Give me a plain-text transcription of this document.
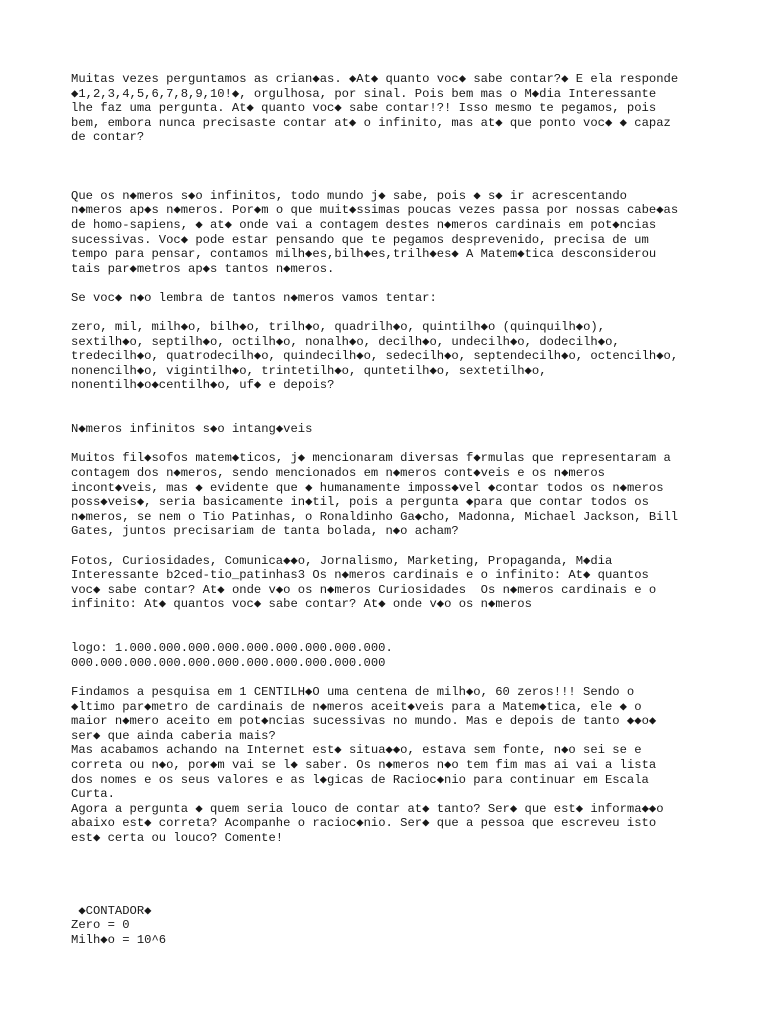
Muitas vezes perguntamos as crian◆as. ◆At◆ quanto voc◆ sabe contar?◆ E ela responde
◆1,2,3,4,5,6,7,8,9,10!◆, orgulhosa, por sinal. Pois bem mas o M◆dia Interessante
lhe faz uma pergunta. At◆ quanto voc◆ sabe contar!?! Isso mesmo te pegamos, pois
bem, embora nunca precisaste contar at◆ o infinito, mas at◆ que ponto voc◆ ◆ capaz
de contar?
Que os n◆meros s◆o infinitos, todo mundo j◆ sabe, pois ◆ s◆ ir acrescentando
n◆meros ap◆s n◆meros. Por◆m o que muit◆ssimas poucas vezes passa por nossas cabe◆as
de homo-sapiens, ◆ at◆ onde vai a contagem destes n◆meros cardinais em pot◆ncias
sucessivas. Voc◆ pode estar pensando que te pegamos desprevenido, precisa de um
tempo para pensar, contamos milh◆es,bilh◆es,trilh◆es◆ A Matem◆tica desconsiderou
tais par◆metros ap◆s tantos n◆meros.
Se voc◆ n◆o lembra de tantos n◆meros vamos tentar:
zero, mil, milh◆o, bilh◆o, trilh◆o, quadrilh◆o, quintilh◆o (quinquilh◆o),
sextilh◆o, septilh◆o, octilh◆o, nonalh◆o, decilh◆o, undecilh◆o, dodecilh◆o,
tredecilh◆o, quatrodecilh◆o, quindecilh◆o, sedecilh◆o, septendecilh◆o, octencilh◆o,
nonencilh◆o, vigintilh◆o, trintetilh◆o, quntetilh◆o, sextetilh◆o,
nonentilh◆o◆centilh◆o, uf◆ e depois?
N◆meros infinitos s◆o intang◆veis
Muitos fil◆sofos matem◆ticos, j◆ mencionaram diversas f◆rmulas que representaram a
contagem dos n◆meros, sendo mencionados em n◆meros cont◆veis e os n◆meros
incont◆veis, mas ◆ evidente que ◆ humanamente imposs◆vel ◆contar todos os n◆meros
poss◆veis◆, seria basicamente in◆til, pois a pergunta ◆para que contar todos os
n◆meros, se nem o Tio Patinhas, o Ronaldinho Ga◆cho, Madonna, Michael Jackson, Bill
Gates, juntos precisariam de tanta bolada, n◆o acham?
Fotos, Curiosidades, Comunica◆◆o, Jornalismo, Marketing, Propaganda, M◆dia
Interessante b2ced-tio_patinhas3 Os n◆meros cardinais e o infinito: At◆ quantos
voc◆ sabe contar? At◆ onde v◆o os n◆meros Curiosidades  Os n◆meros cardinais e o
infinito: At◆ quantos voc◆ sabe contar? At◆ onde v◆o os n◆meros
logo: 1.000.000.000.000.000.000.000.000.000.
000.000.000.000.000.000.000.000.000.000.000
Findamos a pesquisa em 1 CENTILH◆O uma centena de milh◆o, 60 zeros!!! Sendo o
◆ltimo par◆metro de cardinais de n◆meros aceit◆veis para a Matem◆tica, ele ◆ o
maior n◆mero aceito em pot◆ncias sucessivas no mundo. Mas e depois de tanto ◆◆o◆
ser◆ que ainda caberia mais?
Mas acabamos achando na Internet est◆ situa◆◆o, estava sem fonte, n◆o sei se e
correta ou n◆o, por◆m vai se l◆ saber. Os n◆meros n◆o tem fim mas ai vai a lista
dos nomes e os seus valores e as l◆gicas de Racioc◆nio para continuar em Escala
Curta.
Agora a pergunta ◆ quem seria louco de contar at◆ tanto? Ser◆ que est◆ informa◆◆o
abaixo est◆ correta? Acompanhe o racioc◆nio. Ser◆ que a pessoa que escreveu isto
est◆ certa ou louco? Comente!
◆CONTADOR◆
Zero = 0
Milh◆o = 10^6
